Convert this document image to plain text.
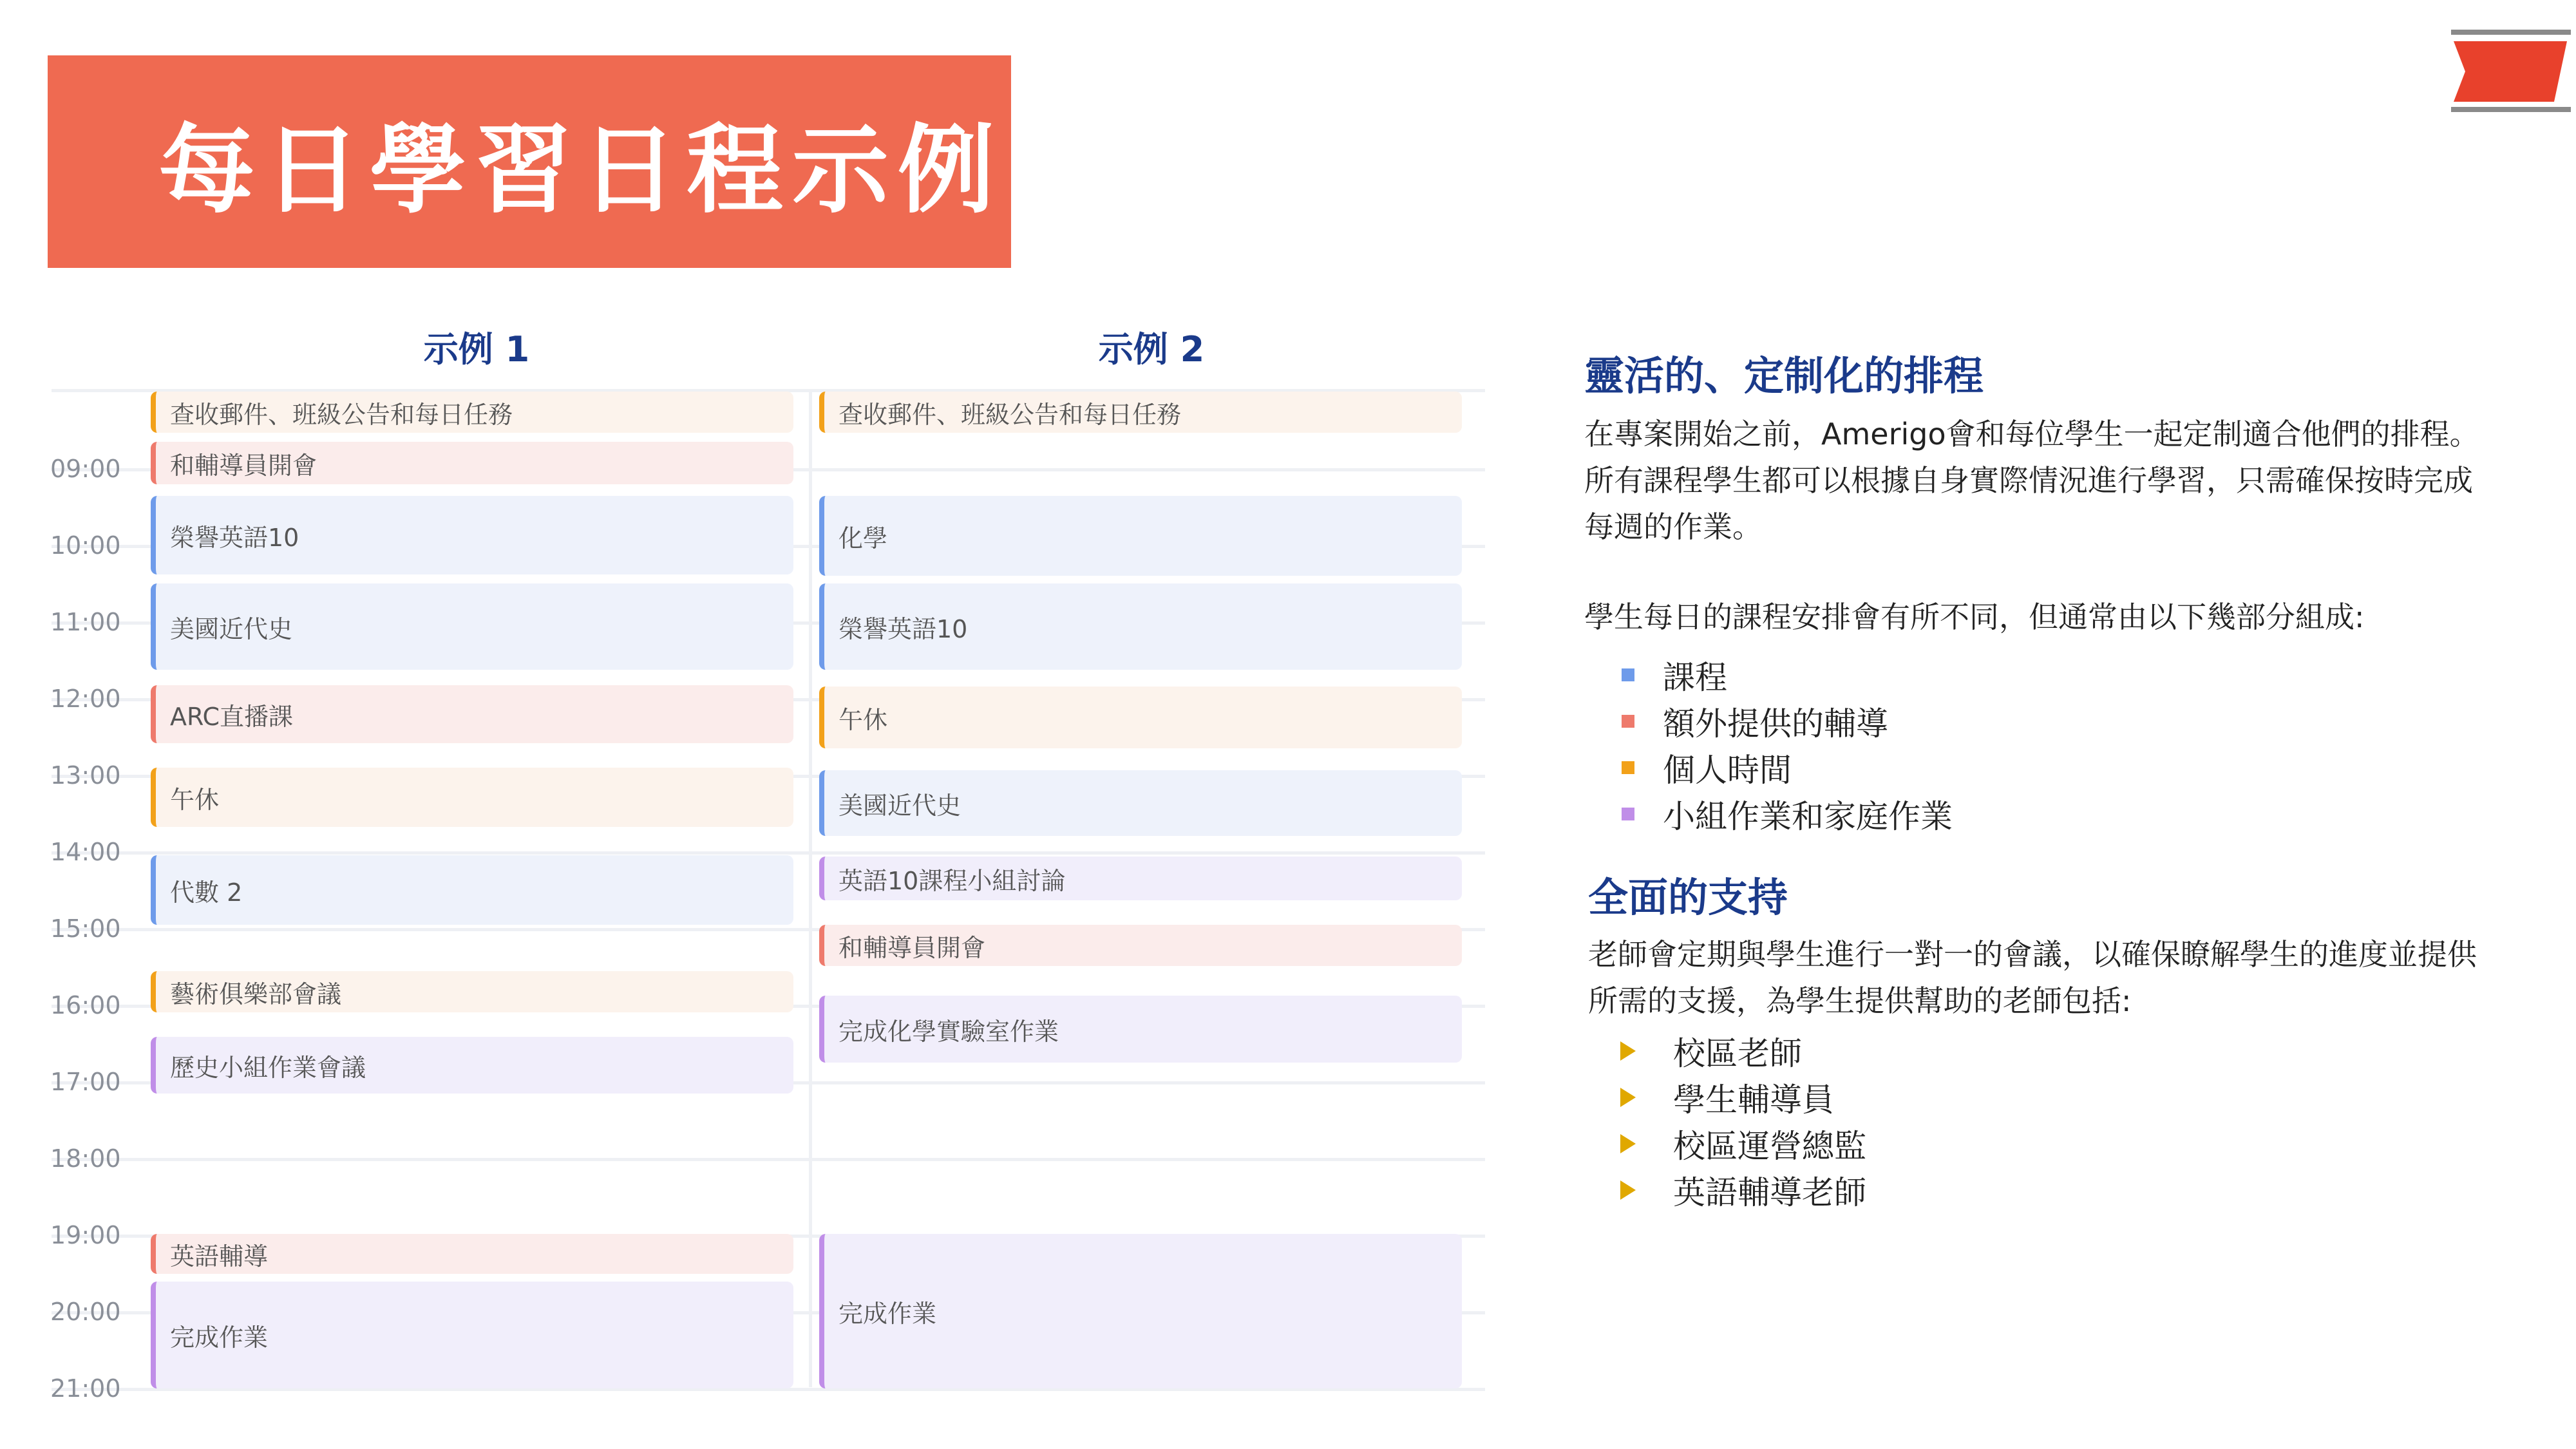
每日學習日程示例
示例 1	示例 2
09:00
10:00
11:00
12:00
13:00
14:00
15:00
16:00
17:00
18:00
19:00
20:00
21:00
查收郵件、班級公告和每日任務
和輔導員開會
榮譽英語10
美國近代史
ARC直播課
午休
代數 2
藝術俱樂部會議
歷史小組作業會議
英語輔導
完成作業
查收郵件、班級公告和每日任務
化學
榮譽英語10
午休
美國近代史
英語10課程小組討論
和輔導員開會
完成化學實驗室作業
完成作業
靈活的、定制化的排程
在專案開始之前，Amerigo會和每位學生一起定制適合他們的排程。所有課程學生都可以根據自身實際情況進行學習，只需確保按時完成每週的作業。
學生每日的課程安排會有所不同，但通常由以下幾部分組成:
課程
額外提供的輔導
個人時間
小組作業和家庭作業
全面的支持
老師會定期與學生進行一對一的會議，以確保瞭解學生的進度並提供所需的支援，為學生提供幫助的老師包括:
校區老師
學生輔導員
校區運營總監
英語輔導老師
